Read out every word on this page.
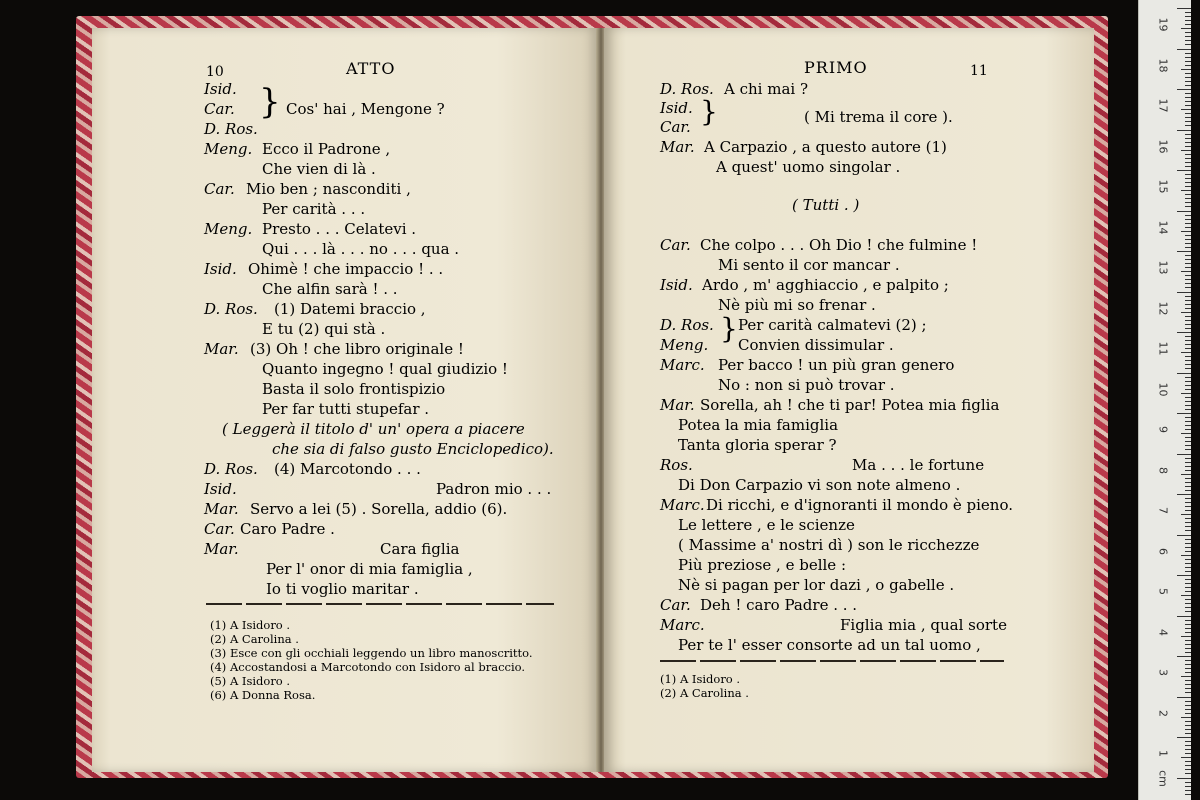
10	ATTO
Isid.
Car. } Cos' hai , Mengone ?
D. Ros.
Meng. Ecco il Padrone ,
Che vien di là .
Car. Mio ben ; nasconditi ,
Per carità . . .
Meng. Presto . . . Celatevi .
Qui . . . là . . . no . . . qua .
Isid. Ohimè ! che impaccio ! . .
Che alfin sarà ! . .
D. Ros. (1) Datemi braccio ,
E tu (2) qui stà .
Mar. (3) Oh ! che libro originale !
Quanto ingegno ! qual giudizio !
Basta il solo frontispizio
Per far tutti stupefar .
( Leggerà il titolo d' un' opera a piacere
che sia di falso gusto Enciclopedico).
D. Ros. (4) Marcotondo . . .
Isid.	Padron mio . . .
Mar. Servo a lei (5) . Sorella, addio (6).
Car. Caro Padre .
Mar.	Cara figlia
Per l' onor di mia famiglia ,
Io ti voglio maritar .
(1) A Isidoro .
(2) A Carolina .
(3) Esce con gli occhiali leggendo un libro manoscritto.
(4) Accostandosi a Marcotondo con Isidoro al braccio.
(5) A Isidoro .
(6) A Donna Rosa.
PRIMO	11
D. Ros. A chi mai ?
Isid. }
Car.
( Mi trema il core ).
Mar. A Carpazio , a questo autore (1)
A quest' uomo singolar .
( Tutti . )
Car. Che colpo . . . Oh Dio ! che fulmine !
Mi sento il cor mancar .
Isid. Ardo , m' agghiaccio , e palpito ;
Nè più mi so frenar .
D. Ros. } Per carità calmatevi (2) ;
Meng. Convien dissimular .
Marc. Per bacco ! un più gran genero
No : non si può trovar .
Mar. Sorella, ah ! che ti par! Potea mia figlia
Potea la mia famiglia
Tanta gloria sperar ?
Ros.	Ma . . . le fortune
Di Don Carpazio vi son note almeno .
Marc. Di ricchi, e d'ignoranti il mondo è pieno.
Le lettere , e le scienze
( Massime a' nostri dì ) son le ricchezze
Più preziose , e belle :
Nè si pagan per lor dazi , o gabelle .
Car. Deh ! caro Padre . . .
Marc.	Figlia mia , qual sorte
Per te l' esser consorte ad un tal uomo ,
(1) A Isidoro .
(2) A Carolina .
19
18
17
16
15
14
13
12
11
10
9
8
7
6
5
4
3
2
1
cm
